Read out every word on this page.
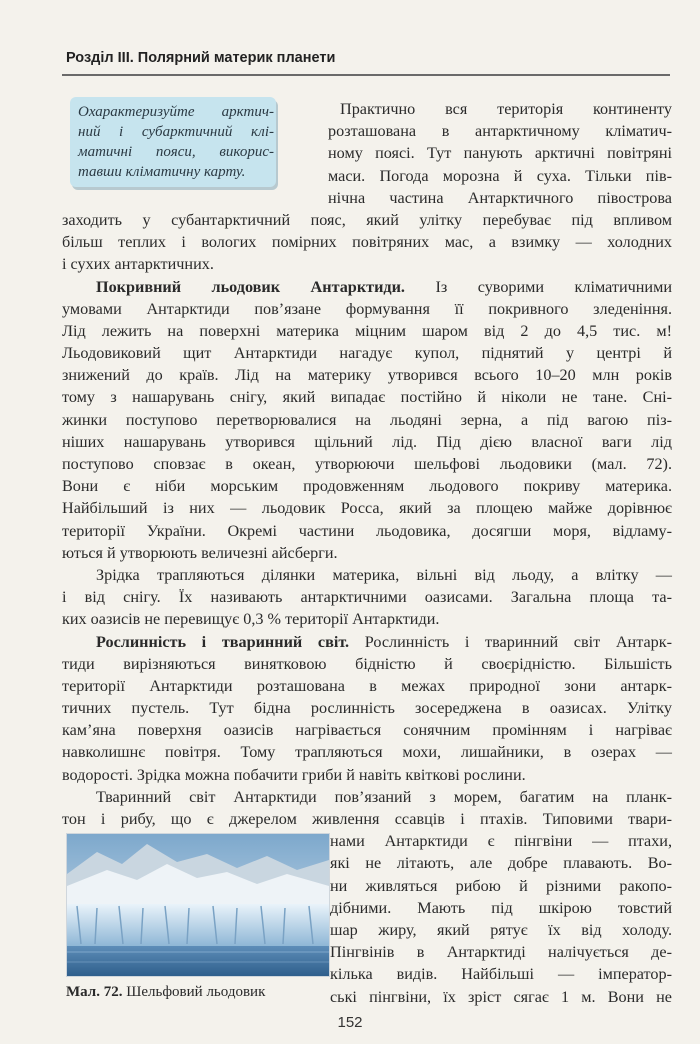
Розділ III. Полярний материк планети
Охарактеризуйте арктич-
ний і субарктичний клі-
матичні пояси, викорис-
тавши кліматичну карту.
Практично вся територія континенту
розташована в антарктичному кліматич-
ному поясі. Тут панують арктичні повітряні
маси. Погода морозна й суха. Тільки пів-
нічна частина Антарктичного півострова
заходить у субантарктичний пояс, який улітку перебуває під впливом
більш теплих і вологих помірних повітряних мас, а взимку — холодних
і сухих антарктичних.
Покривний льодовик Антарктиди. Із суворими кліматичними
умовами Антарктиди пов’язане формування її покривного зледеніння.
Лід лежить на поверхні материка міцним шаром від 2 до 4,5 тис. м!
Льодовиковий щит Антарктиди нагадує купол, піднятий у центрі й
знижений до країв. Лід на материку утворився всього 10–20 млн років
тому з нашарувань снігу, який випадає постійно й ніколи не тане. Сні-
жинки поступово перетворювалися на льодяні зерна, а під вагою піз-
ніших нашарувань утворився щільний лід. Під дією власної ваги лід
поступово сповзає в океан, утворюючи шельфові льодовики (мал. 72).
Вони є ніби морським продовженням льодового покриву материка.
Найбільший із них — льодовик Росса, який за площею майже дорівнює
території України. Окремі частини льодовика, досягши моря, відламу-
ються й утворюють величезні айсберги.
Зрідка трапляються ділянки материка, вільні від льоду, а влітку —
і від снігу. Їх називають антарктичними оазисами. Загальна площа та-
ких оазисів не перевищує 0,3 % території Антарктиди.
Рослинність і тваринний світ. Рослинність і тваринний світ Антарк-
тиди вирізняються винятковою бідністю й своєрідністю. Більшість
території Антарктиди розташована в межах природної зони антарк-
тичних пустель. Тут бідна рослинність зосереджена в оазисах. Улітку
кам’яна поверхня оазисів нагрівається сонячним промінням і нагріває
навколишнє повітря. Тому трапляються мохи, лишайники, в озерах —
водорості. Зрідка можна побачити гриби й навіть квіткові рослини.
Тваринний світ Антарктиди пов’язаний з морем, багатим на планк-
тон і рибу, що є джерелом живлення ссавців і птахів. Типовими твари-
нами Антарктиди є пінгвіни — птахи,
які не літають, але добре плавають. Во-
ни живляться рибою й різними ракопо-
дібними. Мають під шкірою товстий
шар жиру, який рятує їх від холоду.
Пінгвінів в Антарктиді налічується де-
кілька видів. Найбільші — імператор-
ські пінгвіни, їх зріст сягає 1 м. Вони не
Мал. 72. Шельфовий льодовик
152
